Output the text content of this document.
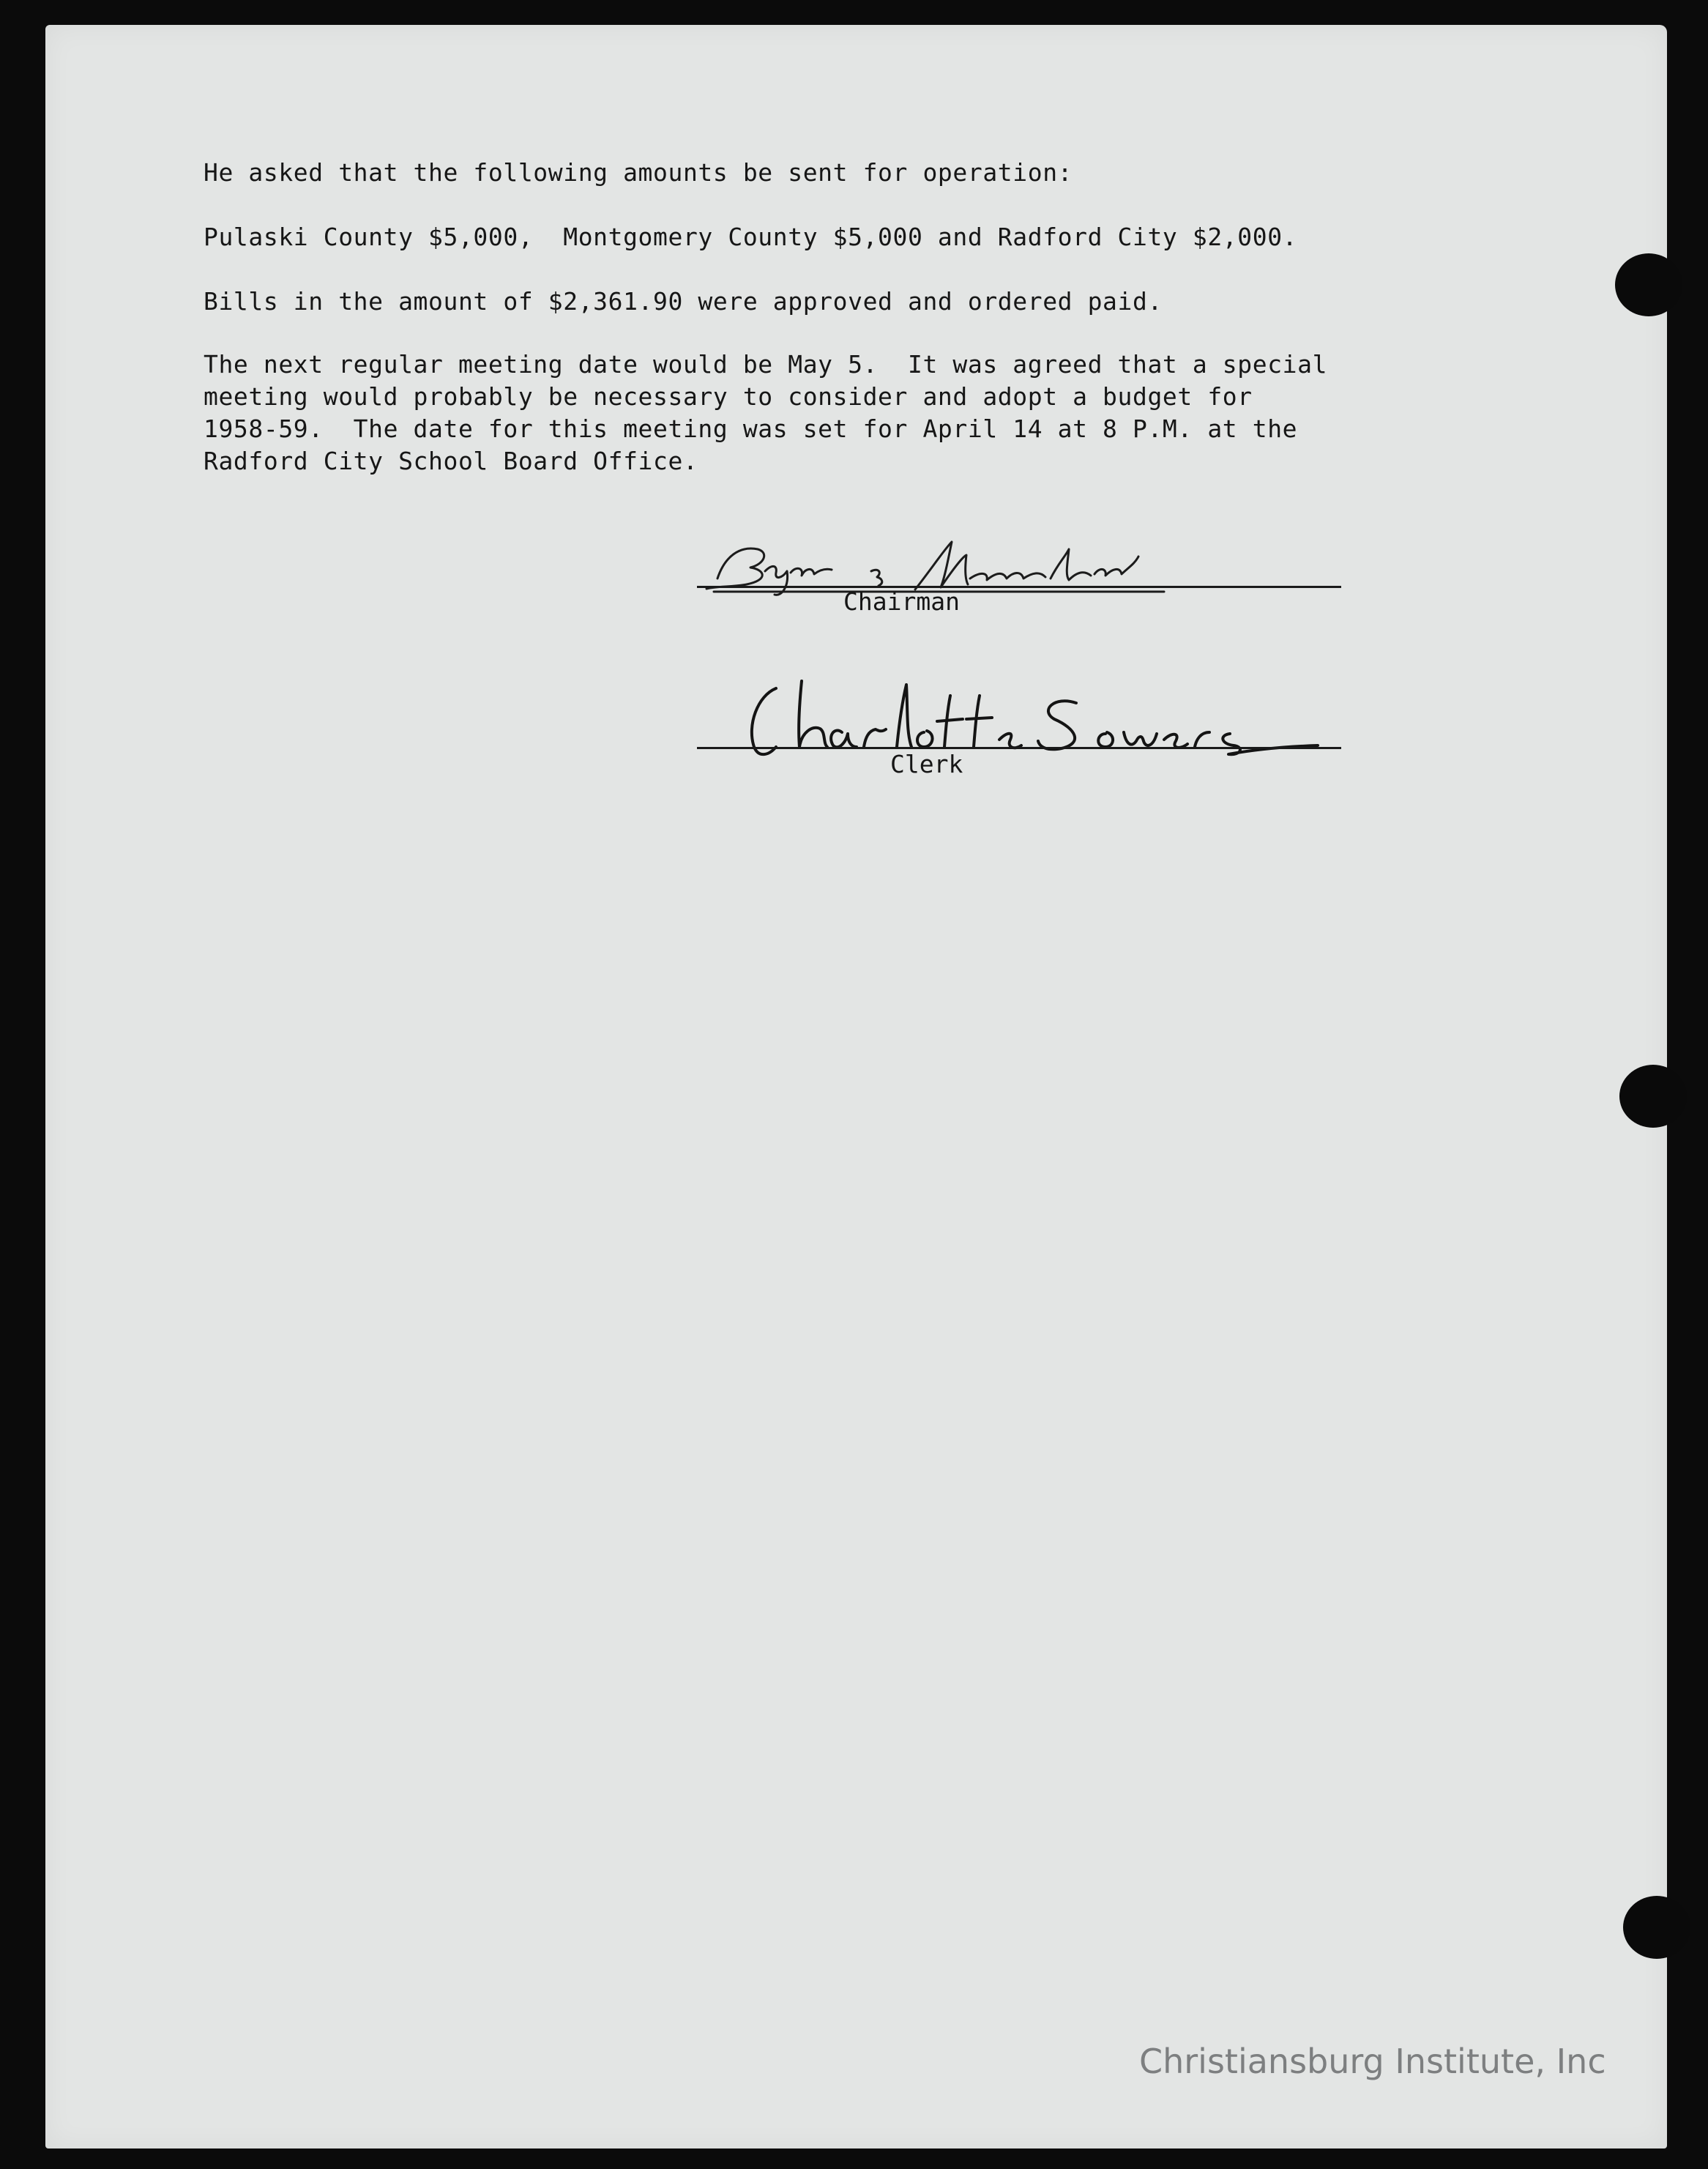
He asked that the following amounts be sent for operation:
Pulaski County $5,000,  Montgomery County $5,000 and Radford City $2,000.
Bills in the amount of $2,361.90 were approved and ordered paid.
The next regular meeting date would be May 5.  It was agreed that a special
meeting would probably be necessary to consider and adopt a budget for
1958-59.  The date for this meeting was set for April 14 at 8 P.M. at the
Radford City School Board Office.
Chairman
Clerk
Christiansburg Institute, Inc
